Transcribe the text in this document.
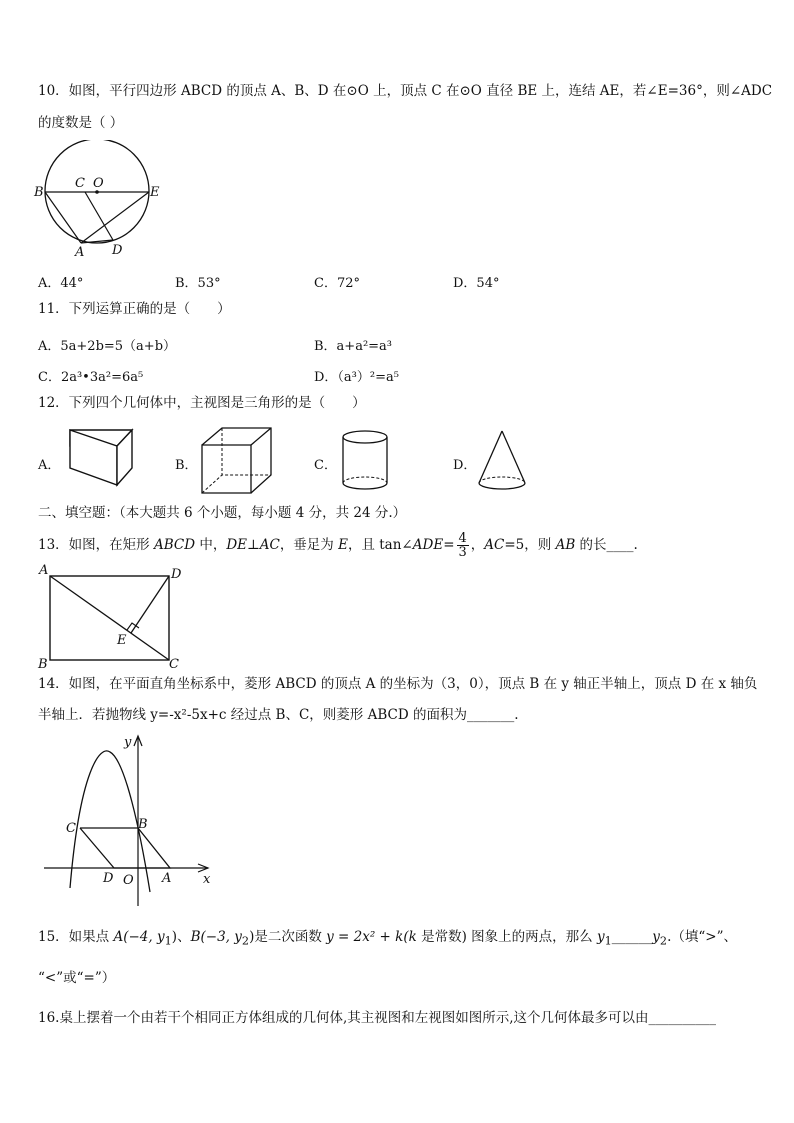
10．如图，平行四边形 ABCD 的顶点 A、B、D 在⊙O 上，顶点 C 在⊙O 直径 BE 上，连结 AE，若∠E=36°，则∠ADC
的度数是（ ）
B
C O
E
A D
A．44°	B．53°	C．72°	D．54°
11．下列运算正确的是（　　）
A．5a+2b=5（a+b）	B．a+a²=a³
C．2a³•3a²=6a⁵	D．（a³）²=a⁵
12．下列四个几何体中，主视图是三角形的是（　　）
A．	B．	C．	D．
二、填空题：（本大题共 6 个小题，每小题 4 分，共 24 分.）
13．如图，在矩形 ABCD 中，DE⊥AC，垂足为 E，且 tan∠ADE= $\frac{4}{3}$ ，AC=5，则 AB 的长____.
A	D
E
B	C
14．如图，在平面直角坐标系中，菱形 ABCD 的顶点 A 的坐标为（3，0），顶点 B 在 y 轴正半轴上，顶点 D 在 x 轴负
半轴上．若抛物线 y=-x²-5x+c 经过点 B、C，则菱形 ABCD 的面积为_______.
y
x
C	B
D O A
15．如果点 A(−4, $y_1$)、B(−3, $y_2$)是二次函数 y = 2x² + k(k 是常数) 图象上的两点，那么 $y_1\_\_\_\_\_\_y_2$.（填“>”、
“<”或“=”）
16.桌上摆着一个由若干个相同正方体组成的几何体,其主视图和左视图如图所示,这个几何体最多可以由__________
